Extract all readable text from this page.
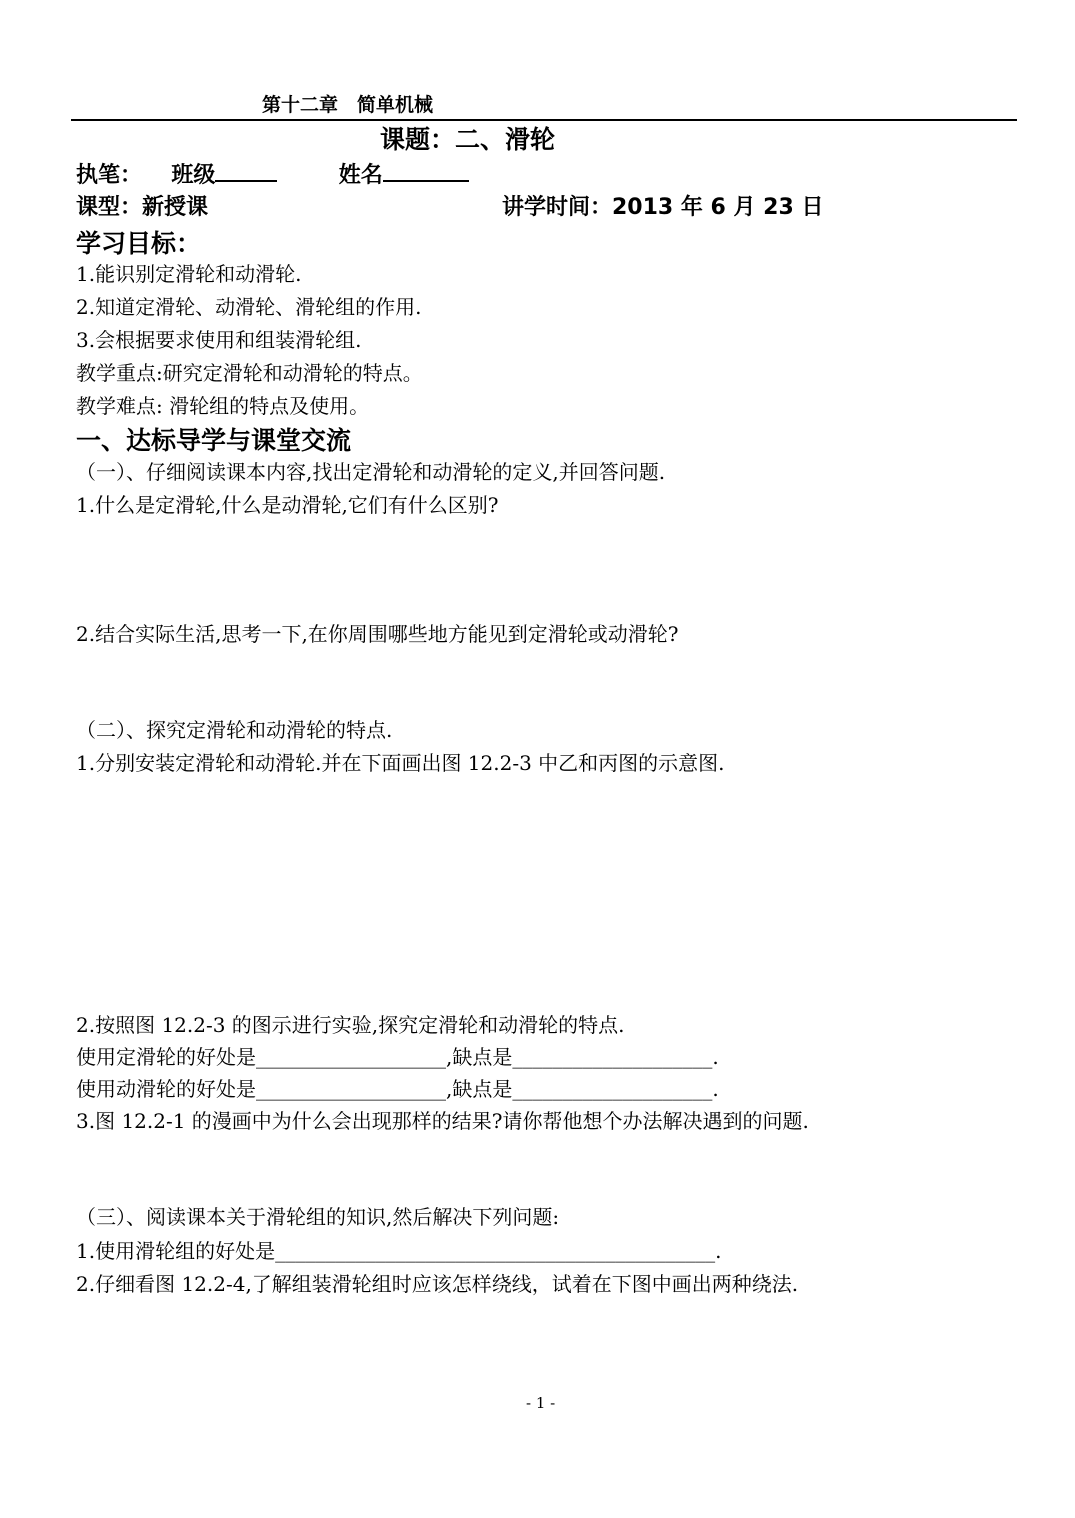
第十二章　简单机械
课题：二、滑轮
执笔： 班级	姓名
课型：新授课	讲学时间：2013 年 6 月 23 日
学习目标：
1.能识别定滑轮和动滑轮.
2.知道定滑轮、动滑轮、滑轮组的作用.
3.会根据要求使用和组装滑轮组.
教学重点:研究定滑轮和动滑轮的特点。
教学难点: 滑轮组的特点及使用。
一、达标导学与课堂交流
（一）、仔细阅读课本内容,找出定滑轮和动滑轮的定义,并回答问题.
1.什么是定滑轮,什么是动滑轮,它们有什么区别?
2.结合实际生活,思考一下,在你周围哪些地方能见到定滑轮或动滑轮?
（二）、探究定滑轮和动滑轮的特点.
1.分别安装定滑轮和动滑轮.并在下面画出图 12.2-3 中乙和丙图的示意图.
2.按照图 12.2-3 的图示进行实验,探究定滑轮和动滑轮的特点.
使用定滑轮的好处是___________________,缺点是____________________.
使用动滑轮的好处是___________________,缺点是____________________.
3.图 12.2-1 的漫画中为什么会出现那样的结果?请你帮他想个办法解决遇到的问题.
（三）、阅读课本关于滑轮组的知识,然后解决下列问题:
1.使用滑轮组的好处是____________________________________________.
2.仔细看图 12.2-4,了解组装滑轮组时应该怎样绕线，试着在下图中画出两种绕法.
- 1 -
